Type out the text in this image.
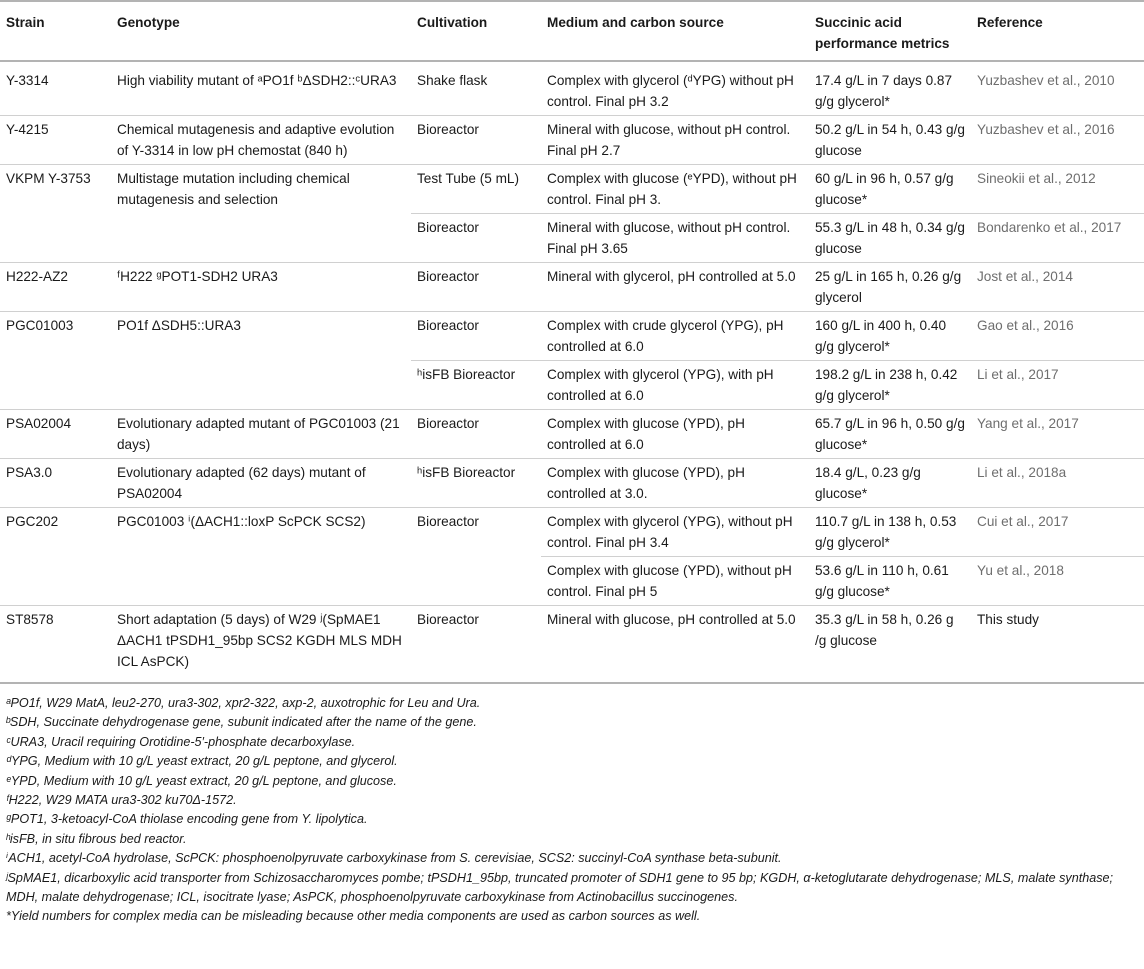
Strain	Genotype	Cultivation	Medium and carbon source	Succinic acid performance metrics	Reference
Y-3314	High viability mutant of ᵃPO1f ᵇΔSDH2::ᶜURA3	Shake flask	Complex with glycerol (ᵈYPG) without pH control. Final pH 3.2	17.4 g/L in 7 days 0.87 g/g glycerol*	Yuzbashev et al., 2010
Y-4215	Chemical mutagenesis and adaptive evolution of Y-3314 in low pH chemostat (840 h)	Bioreactor	Mineral with glucose, without pH control. Final pH 2.7	50.2 g/L in 54 h, 0.43 g/g glucose	Yuzbashev et al., 2016
VKPM Y-3753	Multistage mutation including chemical mutagenesis and selection	Test Tube (5 mL)	Complex with glucose (ᵉYPD), without pH control. Final pH 3.	60 g/L in 96 h, 0.57 g/g glucose*	Sineokii et al., 2012
		Bioreactor	Mineral with glucose, without pH control. Final pH 3.65	55.3 g/L in 48 h, 0.34 g/g glucose	Bondarenko et al., 2017
H222-AZ2	ᶠH222 ᵍPOT1-SDH2 URA3	Bioreactor	Mineral with glycerol, pH controlled at 5.0	25 g/L in 165 h, 0.26 g/g glycerol	Jost et al., 2014
PGC01003	PO1f ΔSDH5::URA3	Bioreactor	Complex with crude glycerol (YPG), pH controlled at 6.0	160 g/L in 400 h, 0.40 g/g glycerol*	Gao et al., 2016
		ʰisFB Bioreactor	Complex with glycerol (YPG), with pH controlled at 6.0	198.2 g/L in 238 h, 0.42 g/g glycerol*	Li et al., 2017
PSA02004	Evolutionary adapted mutant of PGC01003 (21 days)	Bioreactor	Complex with glucose (YPD), pH controlled at 6.0	65.7 g/L in 96 h, 0.50 g/g glucose*	Yang et al., 2017
PSA3.0	Evolutionary adapted (62 days) mutant of PSA02004	ʰisFB Bioreactor	Complex with glucose (YPD), pH controlled at 3.0.	18.4 g/L, 0.23 g/g glucose*	Li et al., 2018a
PGC202	PGC01003 ⁱ(ΔACH1::loxP ScPCK SCS2)	Bioreactor	Complex with glycerol (YPG), without pH control. Final pH 3.4	110.7 g/L in 138 h, 0.53 g/g glycerol*	Cui et al., 2017
			Complex with glucose (YPD), without pH control. Final pH 5	53.6 g/L in 110 h, 0.61 g/g glucose*	Yu et al., 2018
ST8578	Short adaptation (5 days) of W29 ʲ(SpMAE1 ΔACH1 tPSDH1_95bp SCS2 KGDH MLS MDH ICL AsPCK)	Bioreactor	Mineral with glucose, pH controlled at 5.0	35.3 g/L in 58 h, 0.26 g /g glucose	This study
ᵃPO1f, W29 MatA, leu2-270, ura3-302, xpr2-322, axp-2, auxotrophic for Leu and Ura.
ᵇSDH, Succinate dehydrogenase gene, subunit indicated after the name of the gene.
ᶜURA3, Uracil requiring Orotidine-5′-phosphate decarboxylase.
ᵈYPG, Medium with 10 g/L yeast extract, 20 g/L peptone, and glycerol.
ᵉYPD, Medium with 10 g/L yeast extract, 20 g/L peptone, and glucose.
ᶠH222, W29 MATA ura3-302 ku70Δ-1572.
ᵍPOT1, 3-ketoacyl-CoA thiolase encoding gene from Y. lipolytica.
ʰisFB, in situ fibrous bed reactor.
ⁱACH1, acetyl-CoA hydrolase, ScPCK: phosphoenolpyruvate carboxykinase from S. cerevisiae, SCS2: succinyl-CoA synthase beta-subunit.
ʲSpMAE1, dicarboxylic acid transporter from Schizosaccharomyces pombe; tPSDH1_95bp, truncated promoter of SDH1 gene to 95 bp; KGDH, α-ketoglutarate dehydrogenase; MLS, malate synthase; MDH, malate dehydrogenase; ICL, isocitrate lyase; AsPCK, phosphoenolpyruvate carboxykinase from Actinobacillus succinogenes.
*Yield numbers for complex media can be misleading because other media components are used as carbon sources as well.
